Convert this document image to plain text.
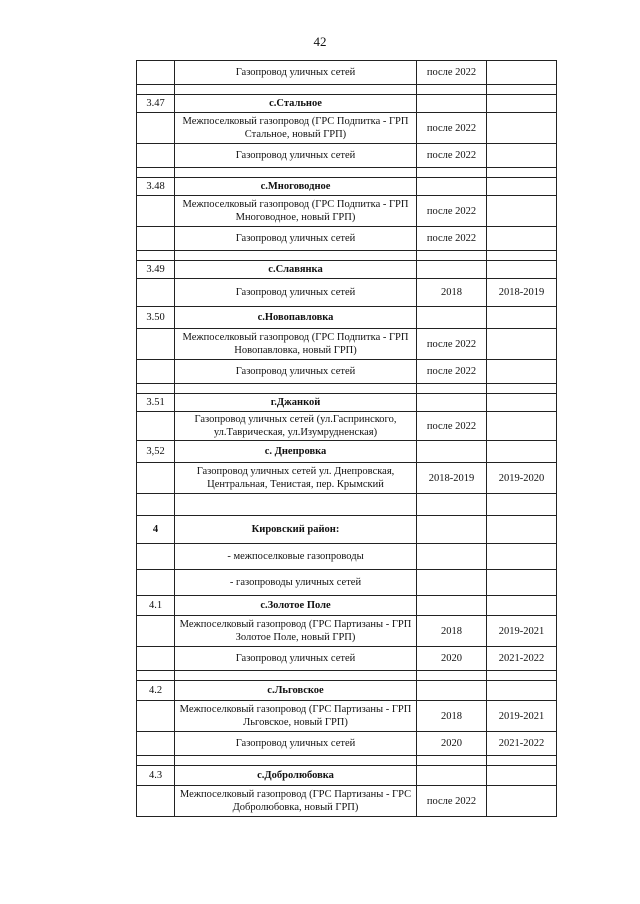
42
	Газопровод уличных сетей	после 2022	

3.47	с.Стальное		
	Межпоселковый газопровод (ГРС Подпитка - ГРП Стальное, новый ГРП)	после 2022	
	Газопровод уличных сетей	после 2022	

3.48	с.Многоводное		
	Межпоселковый газопровод (ГРС Подпитка - ГРП Многоводное, новый ГРП)	после 2022	
	Газопровод уличных сетей	после 2022	

3.49	с.Славянка		
	Газопровод уличных сетей	2018	2018-2019
3.50	с.Новопавловка		
	Межпоселковый газопровод (ГРС Подпитка - ГРП Новопавловка, новый ГРП)	после 2022	
	Газопровод уличных сетей	после 2022	

3.51	г.Джанкой		
	Газопровод уличных сетей (ул.Гаспринского, ул.Таврическая, ул.Изумрудненская)	после 2022	
3,52	с. Днепровка		
	Газопровод уличных сетей ул. Днепровская, Центральная, Тенистая, пер. Крымский	2018-2019	2019-2020

4	Кировский район:		
	- межпоселковые газопроводы		
	- газопроводы уличных сетей		
4.1	с.Золотое Поле		
	Межпоселковый газопровод (ГРС Партизаны - ГРП Золотое Поле, новый ГРП)	2018	2019-2021
	Газопровод уличных сетей	2020	2021-2022

4.2	с.Льговское		
	Межпоселковый газопровод (ГРС Партизаны - ГРП Льговское, новый ГРП)	2018	2019-2021
	Газопровод уличных сетей	2020	2021-2022

4.3	с.Добролюбовка		
	Межпоселковый газопровод (ГРС Партизаны - ГРС Добролюбовка, новый ГРП)	после 2022	
